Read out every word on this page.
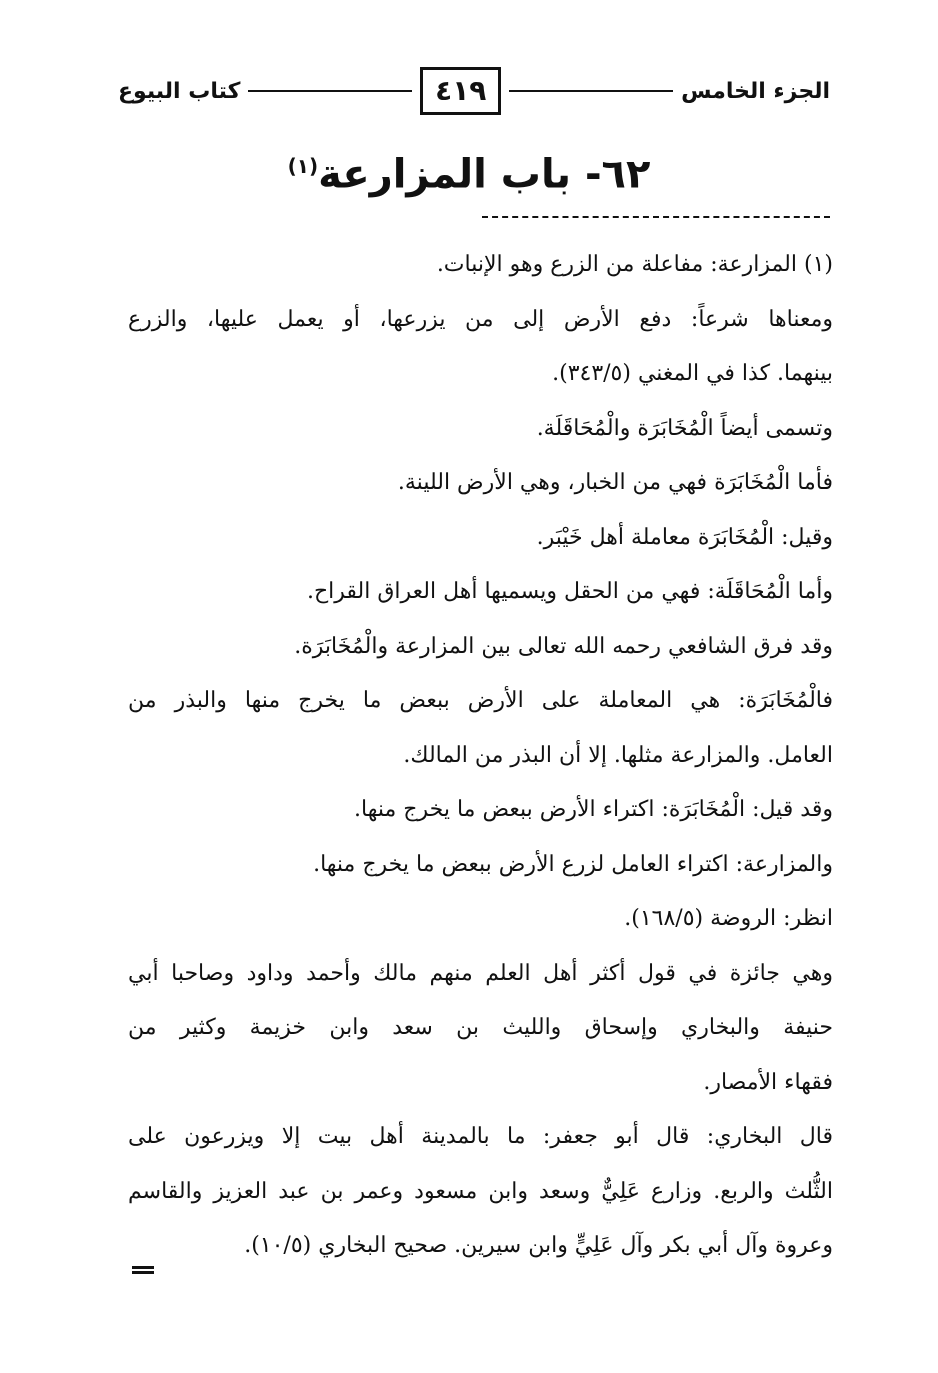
الجزء الخامس
٤١٩
كتاب البيوع
٦٢- باب المزارعة$^{(١)}$

(١) المزارعة: مفاعلة من الزرع وهو الإنبات.

ومعناها شرعاً: دفع الأرض إلى من يزرعها، أو يعمل عليها، والزرع

بينهما. كذا في المغني (٣٤٣/٥).

وتسمى أيضاً الْمُخَابَرَة والْمُحَاقَلَة.

فأما الْمُخَابَرَة فهي من الخبار، وهي الأرض اللينة.

وقيل: الْمُخَابَرَة معاملة أهل خَيْبَر.

وأما الْمُحَاقَلَة: فهي من الحقل ويسميها أهل العراق القراح.

وقد فرق الشافعي رحمه الله تعالى بين المزارعة والْمُخَابَرَة.

فالْمُخَابَرَة: هي المعاملة على الأرض ببعض ما يخرج منها والبذر من

العامل. والمزارعة مثلها. إلا أن البذر من المالك.

وقد قيل: الْمُخَابَرَة: اكتراء الأرض ببعض ما يخرج منها.

والمزارعة: اكتراء العامل لزرع الأرض ببعض ما يخرج منها.

انظر: الروضة (١٦٨/٥).

وهي جائزة في قول أكثر أهل العلم منهم مالك وأحمد وداود وصاحبا أبي

حنيفة والبخاري وإسحاق والليث بن سعد وابن خزيمة وكثير من

فقهاء الأمصار.

قال البخاري: قال أبو جعفر: ما بالمدينة أهل بيت إلا ويزرعون على

الثُّلث والربع. وزارع عَلِيٌّ وسعد وابن مسعود وعمر بن عبد العزيز والقاسم

وعروة وآل أبي بكر وآل عَلِيٍّ وابن سيرين. صحيح البخاري (١٠/٥).
